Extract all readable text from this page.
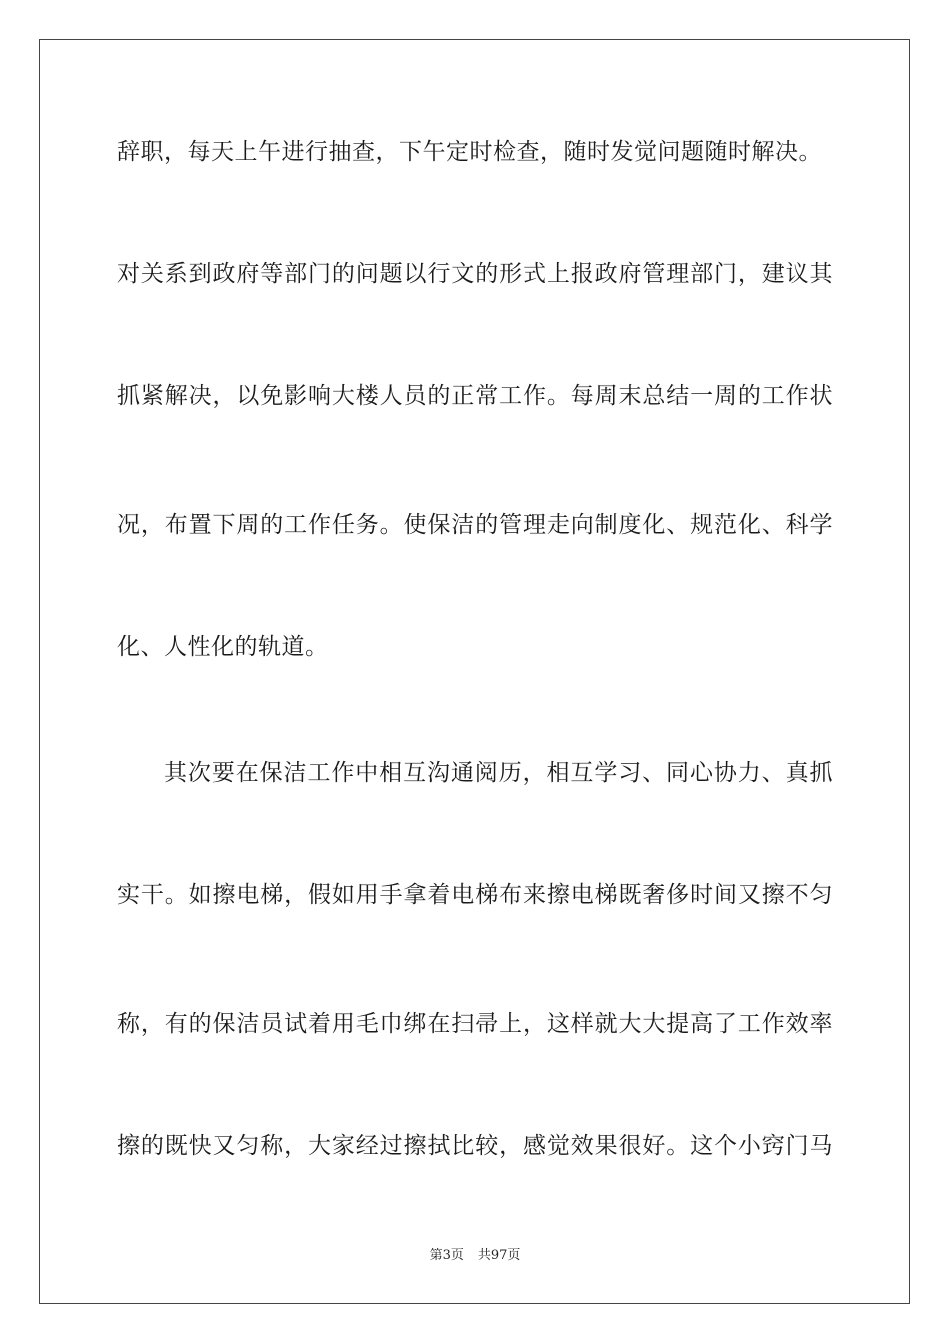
辞职，每天上午进行抽查，下午定时检查，随时发觉问题随时解决。
对关系到政府等部门的问题以行文的形式上报政府管理部门，建议其
抓紧解决，以免影响大楼人员的正常工作。每周末总结一周的工作状
况，布置下周的工作任务。使保洁的管理走向制度化、规范化、科学
化、人性化的轨道。
其次要在保洁工作中相互沟通阅历，相互学习、同心协力、真抓
实干。如擦电梯，假如用手拿着电梯布来擦电梯既奢侈时间又擦不匀
称，有的保洁员试着用毛巾绑在扫帚上，这样就大大提高了工作效率
擦的既快又匀称，大家经过擦拭比较，感觉效果很好。这个小窍门马
第3页 共97页
